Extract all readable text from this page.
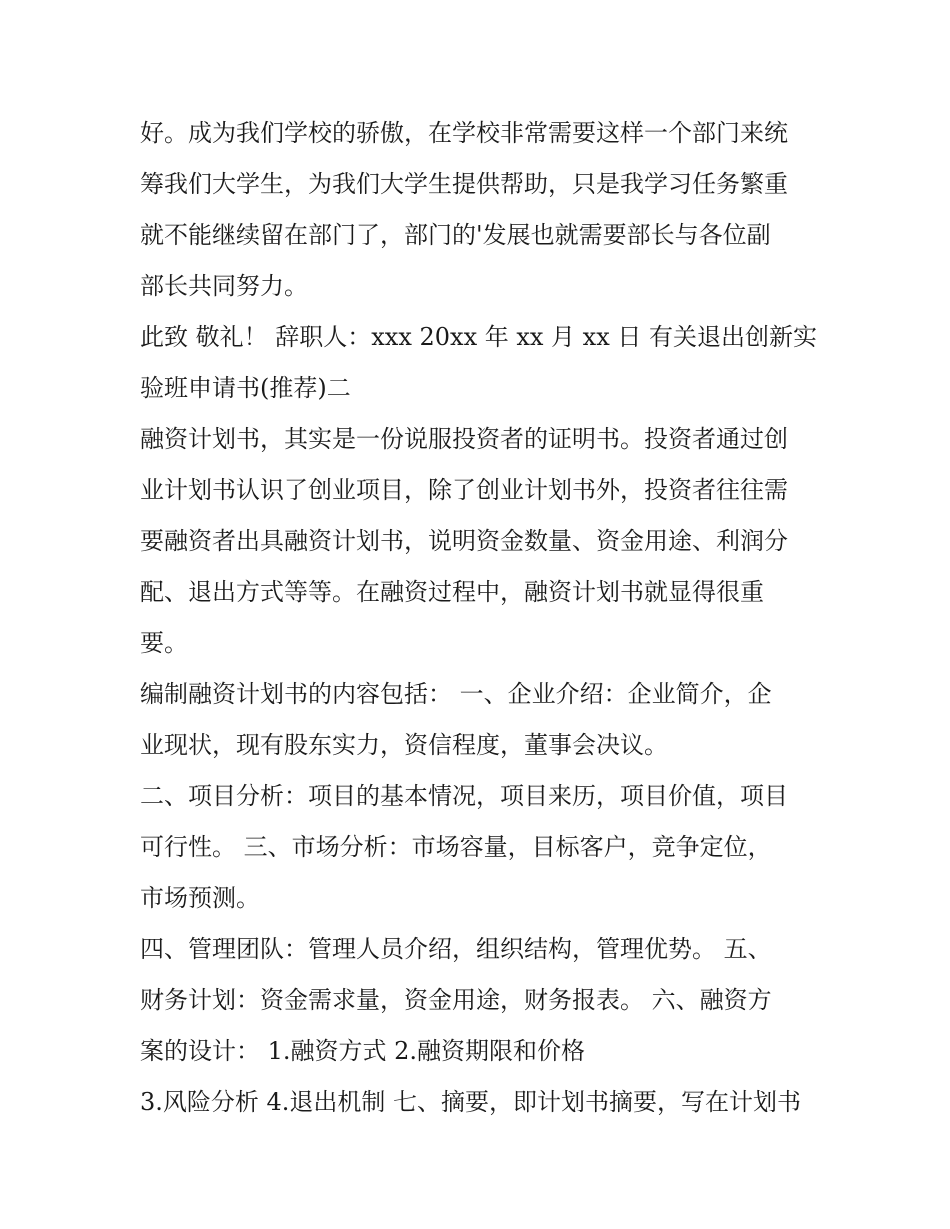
好。成为我们学校的骄傲，在学校非常需要这样一个部门来统
筹我们大学生，为我们大学生提供帮助，只是我学习任务繁重
就不能继续留在部门了，部门的'发展也就需要部长与各位副
部长共同努力。
此致 敬礼！ 辞职人：xxx 20xx 年 xx 月 xx 日 有关退出创新实
验班申请书(推荐)二
融资计划书，其实是一份说服投资者的证明书。投资者通过创
业计划书认识了创业项目，除了创业计划书外，投资者往往需
要融资者出具融资计划书，说明资金数量、资金用途、利润分
配、退出方式等等。在融资过程中，融资计划书就显得很重
要。
编制融资计划书的内容包括： 一、企业介绍：企业简介，企
业现状，现有股东实力，资信程度，董事会决议。
二、项目分析：项目的基本情况，项目来历，项目价值，项目
可行性。 三、市场分析：市场容量，目标客户，竞争定位，
市场预测。
四、管理团队：管理人员介绍，组织结构，管理优势。 五、
财务计划：资金需求量，资金用途，财务报表。 六、融资方
案的设计： 1.融资方式 2.融资期限和价格
3.风险分析 4.退出机制 七、摘要，即计划书摘要，写在计划书
